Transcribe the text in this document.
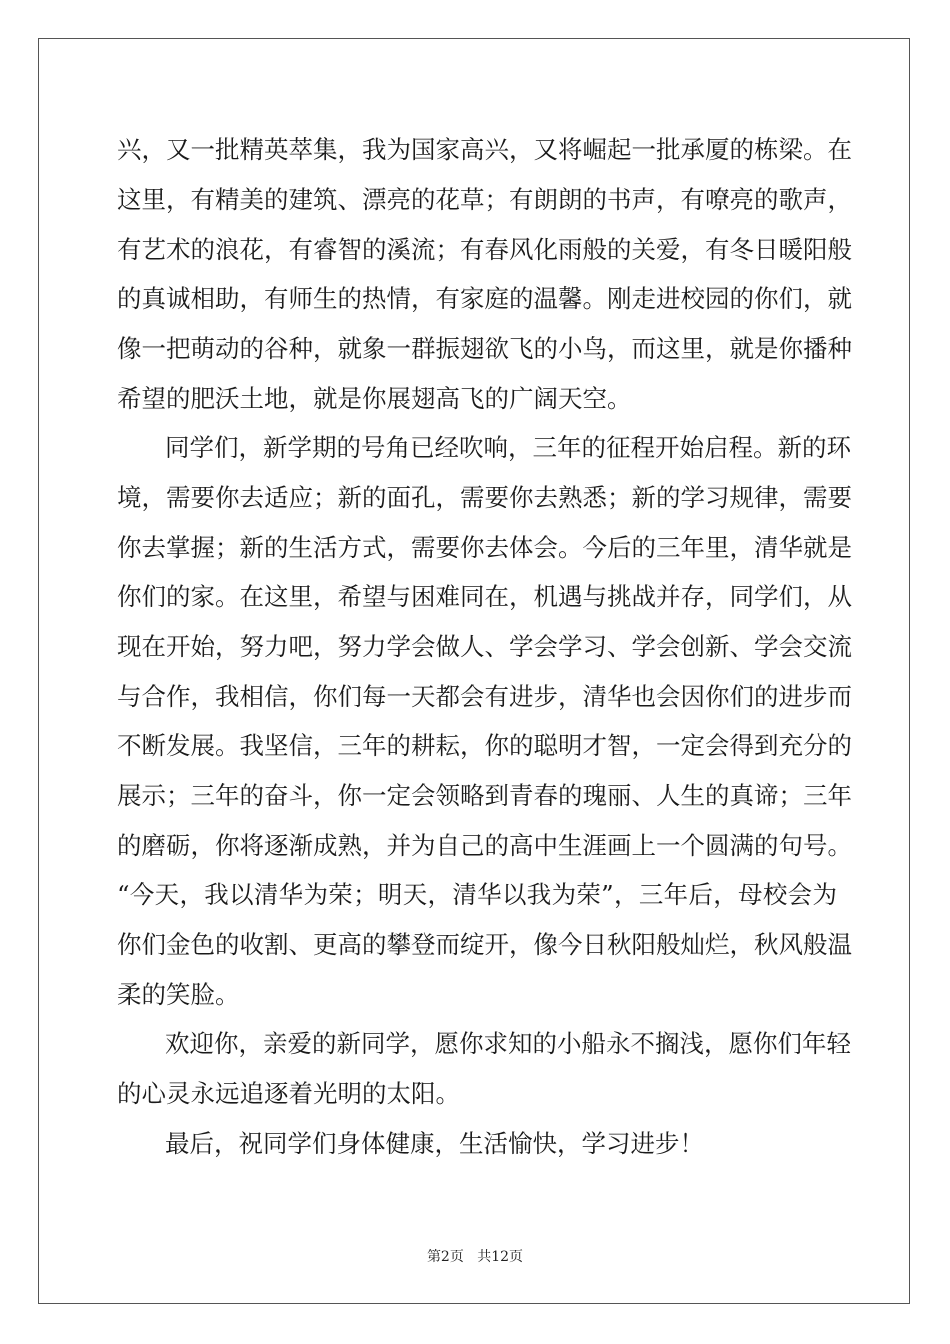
兴，又一批精英萃集，我为国家高兴，又将崛起一批承厦的栋梁。在
这里，有精美的建筑、漂亮的花草；有朗朗的书声，有嘹亮的歌声，
有艺术的浪花，有睿智的溪流；有春风化雨般的关爱，有冬日暖阳般
的真诚相助，有师生的热情，有家庭的温馨。刚走进校园的你们，就
像一把萌动的谷种，就象一群振翅欲飞的小鸟，而这里，就是你播种
希望的肥沃土地，就是你展翅高飞的广阔天空。
同学们，新学期的号角已经吹响，三年的征程开始启程。新的环
境，需要你去适应；新的面孔，需要你去熟悉；新的学习规律，需要
你去掌握；新的生活方式，需要你去体会。今后的三年里，清华就是
你们的家。在这里，希望与困难同在，机遇与挑战并存，同学们，从
现在开始，努力吧，努力学会做人、学会学习、学会创新、学会交流
与合作，我相信，你们每一天都会有进步，清华也会因你们的进步而
不断发展。我坚信，三年的耕耘，你的聪明才智，一定会得到充分的
展示；三年的奋斗，你一定会领略到青春的瑰丽、人生的真谛；三年
的磨砺，你将逐渐成熟，并为自己的高中生涯画上一个圆满的句号。
“今天，我以清华为荣；明天，清华以我为荣”，三年后，母校会为
你们金色的收割、更高的攀登而绽开，像今日秋阳般灿烂，秋风般温
柔的笑脸。
欢迎你，亲爱的新同学，愿你求知的小船永不搁浅，愿你们年轻
的心灵永远追逐着光明的太阳。
最后，祝同学们身体健康，生活愉快，学习进步！
第2页 共12页
